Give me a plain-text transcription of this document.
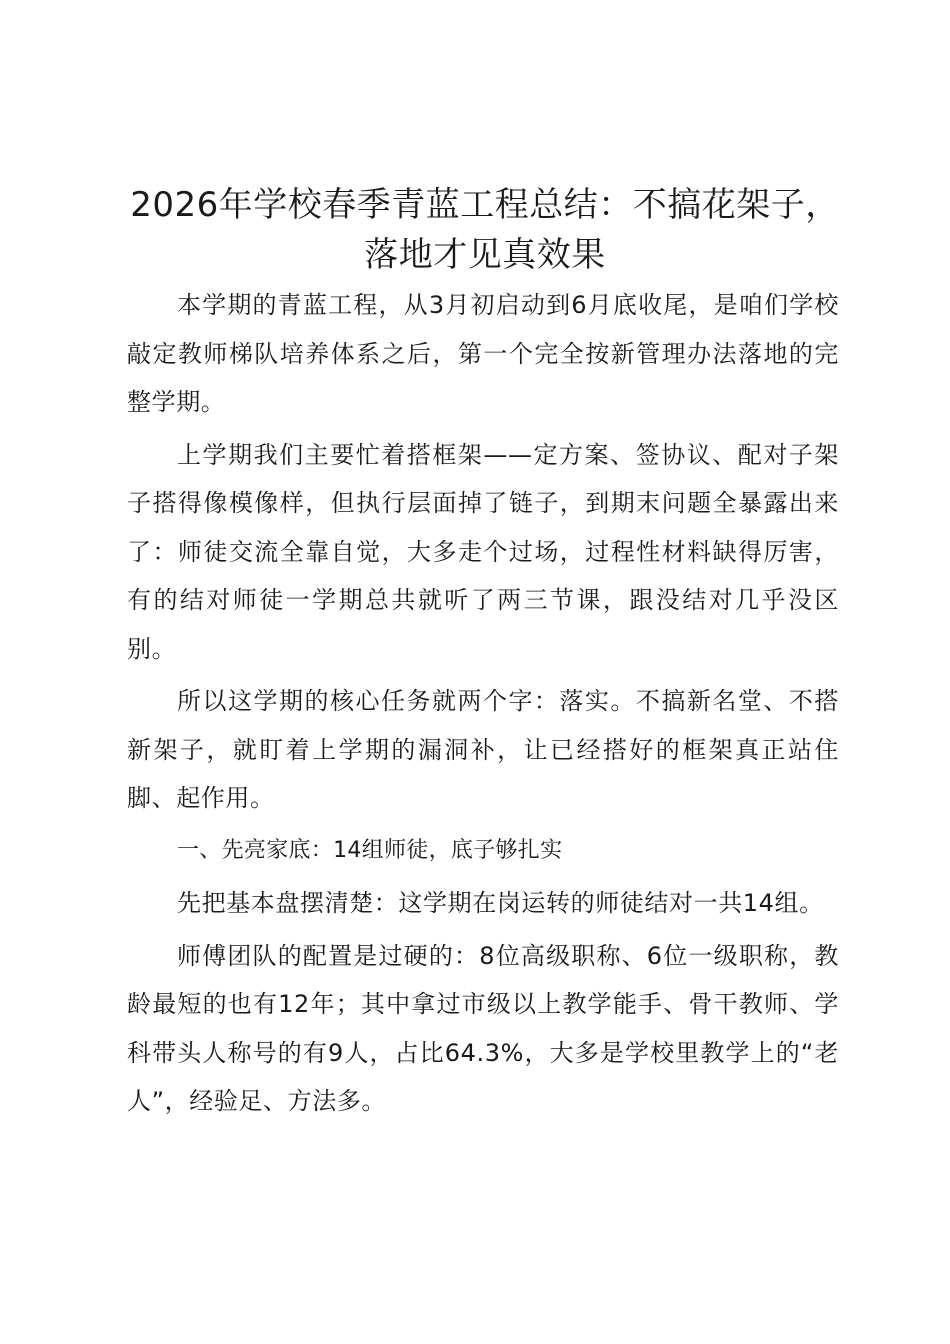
2026年学校春季青蓝工程总结：不搞花架子，
落地才见真效果

本学期的青蓝工程，从3月初启动到6月底收尾，是咱们学校敲定教师梯队培养体系之后，第一个完全按新管理办法落地的完整学期。

上学期我们主要忙着搭框架——定方案、签协议、配对子架子搭得像模像样，但执行层面掉了链子，到期末问题全暴露出来了：师徒交流全靠自觉，大多走个过场，过程性材料缺得厉害，有的结对师徒一学期总共就听了两三节课，跟没结对几乎没区别。

所以这学期的核心任务就两个字：落实。不搞新名堂、不搭新架子，就盯着上学期的漏洞补，让已经搭好的框架真正站住脚、起作用。

一、先亮家底：14组师徒，底子够扎实

先把基本盘摆清楚：这学期在岗运转的师徒结对一共14组。

师傅团队的配置是过硬的：8位高级职称、6位一级职称，教龄最短的也有12年；其中拿过市级以上教学能手、骨干教师、学科带头人称号的有9人，占比64.3%，大多是学校里教学上的“老人”，经验足、方法多。
